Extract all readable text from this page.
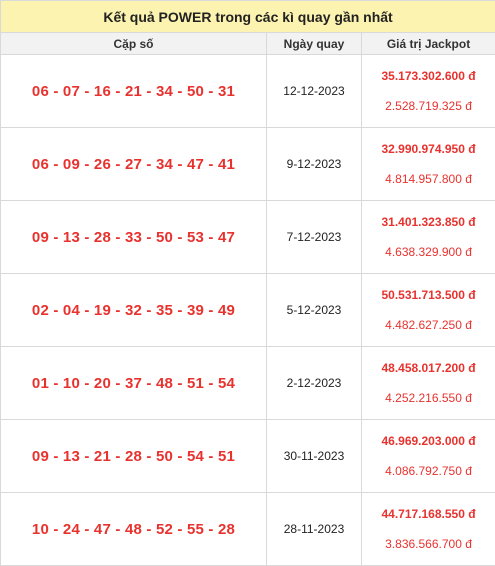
Kết quả POWER trong các kì quay gần nhất		
Cặp số	Ngày quay	Giá trị Jackpot
06 - 07 - 16 - 21 - 34 - 50 - 31	12-12-2023	35.173.302.600 đ
2.528.719.325 đ

06 - 09 - 26 - 27 - 34 - 47 - 41	9-12-2023	32.990.974.950 đ
4.814.957.800 đ

09 - 13 - 28 - 33 - 50 - 53 - 47	7-12-2023	31.401.323.850 đ
4.638.329.900 đ

02 - 04 - 19 - 32 - 35 - 39 - 49	5-12-2023	50.531.713.500 đ
4.482.627.250 đ

01 - 10 - 20 - 37 - 48 - 51 - 54	2-12-2023	48.458.017.200 đ
4.252.216.550 đ

09 - 13 - 21 - 28 - 50 - 54 - 51	30-11-2023	46.969.203.000 đ
4.086.792.750 đ

10 - 24 - 47 - 48 - 52 - 55 - 28	28-11-2023	44.717.168.550 đ
3.836.566.700 đ
